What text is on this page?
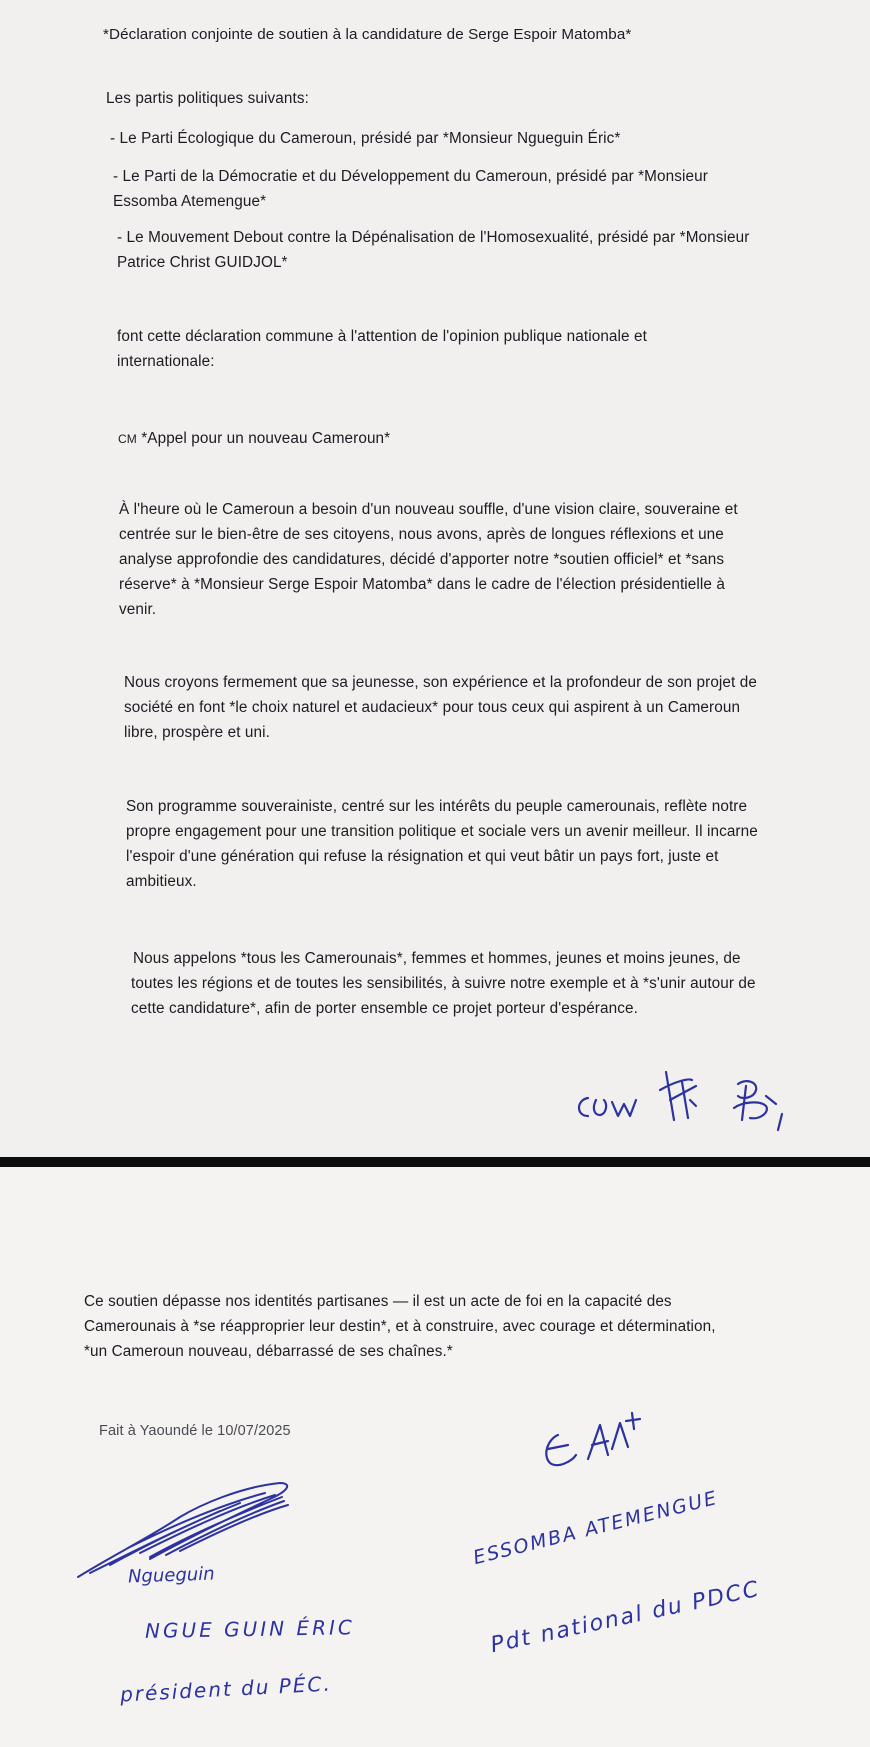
*Déclaration conjointe de soutien à la candidature de Serge Espoir Matomba*
Les partis politiques suivants:
- Le Parti Écologique du Cameroun, présidé par *Monsieur Ngueguin Éric*
- Le Parti de la Démocratie et du Développement du Cameroun, présidé par *Monsieur
Essomba Atemengue*
- Le Mouvement Debout contre la Dépénalisation de l'Homosexualité, présidé par *Monsieur
Patrice Christ GUIDJOL*
font cette déclaration commune à l'attention de l'opinion publique nationale et
internationale:
CM *Appel pour un nouveau Cameroun*
À l'heure où le Cameroun a besoin d'un nouveau souffle, d'une vision claire, souveraine et
centrée sur le bien-être de ses citoyens, nous avons, après de longues réflexions et une
analyse approfondie des candidatures, décidé d'apporter notre *soutien officiel* et *sans
réserve* à *Monsieur Serge Espoir Matomba* dans le cadre de l'élection présidentielle à
venir.
Nous croyons fermement que sa jeunesse, son expérience et la profondeur de son projet de
société en font *le choix naturel et audacieux* pour tous ceux qui aspirent à un Cameroun
libre, prospère et uni.
Son programme souverainiste, centré sur les intérêts du peuple camerounais, reflète notre
propre engagement pour une transition politique et sociale vers un avenir meilleur. Il incarne
l'espoir d'une génération qui refuse la résignation et qui veut bâtir un pays fort, juste et
ambitieux.
Nous appelons *tous les Camerounais*, femmes et hommes, jeunes et moins jeunes, de
toutes les régions et de toutes les sensibilités, à suivre notre exemple et à *s'unir autour de
cette candidature*, afin de porter ensemble ce projet porteur d'espérance.
Ce soutien dépasse nos identités partisanes — il est un acte de foi en la capacité des
Camerounais à *se réapproprier leur destin*, et à construire, avec courage et détermination,
*un Cameroun nouveau, débarrassé de ses chaînes.*
Fait à Yaoundé le 10/07/2025
Ngueguin
NGUE GUIN ÉRIC
président du PÉC.
ESSOMBA ATEMENGUE
Pdt national du PDCC
